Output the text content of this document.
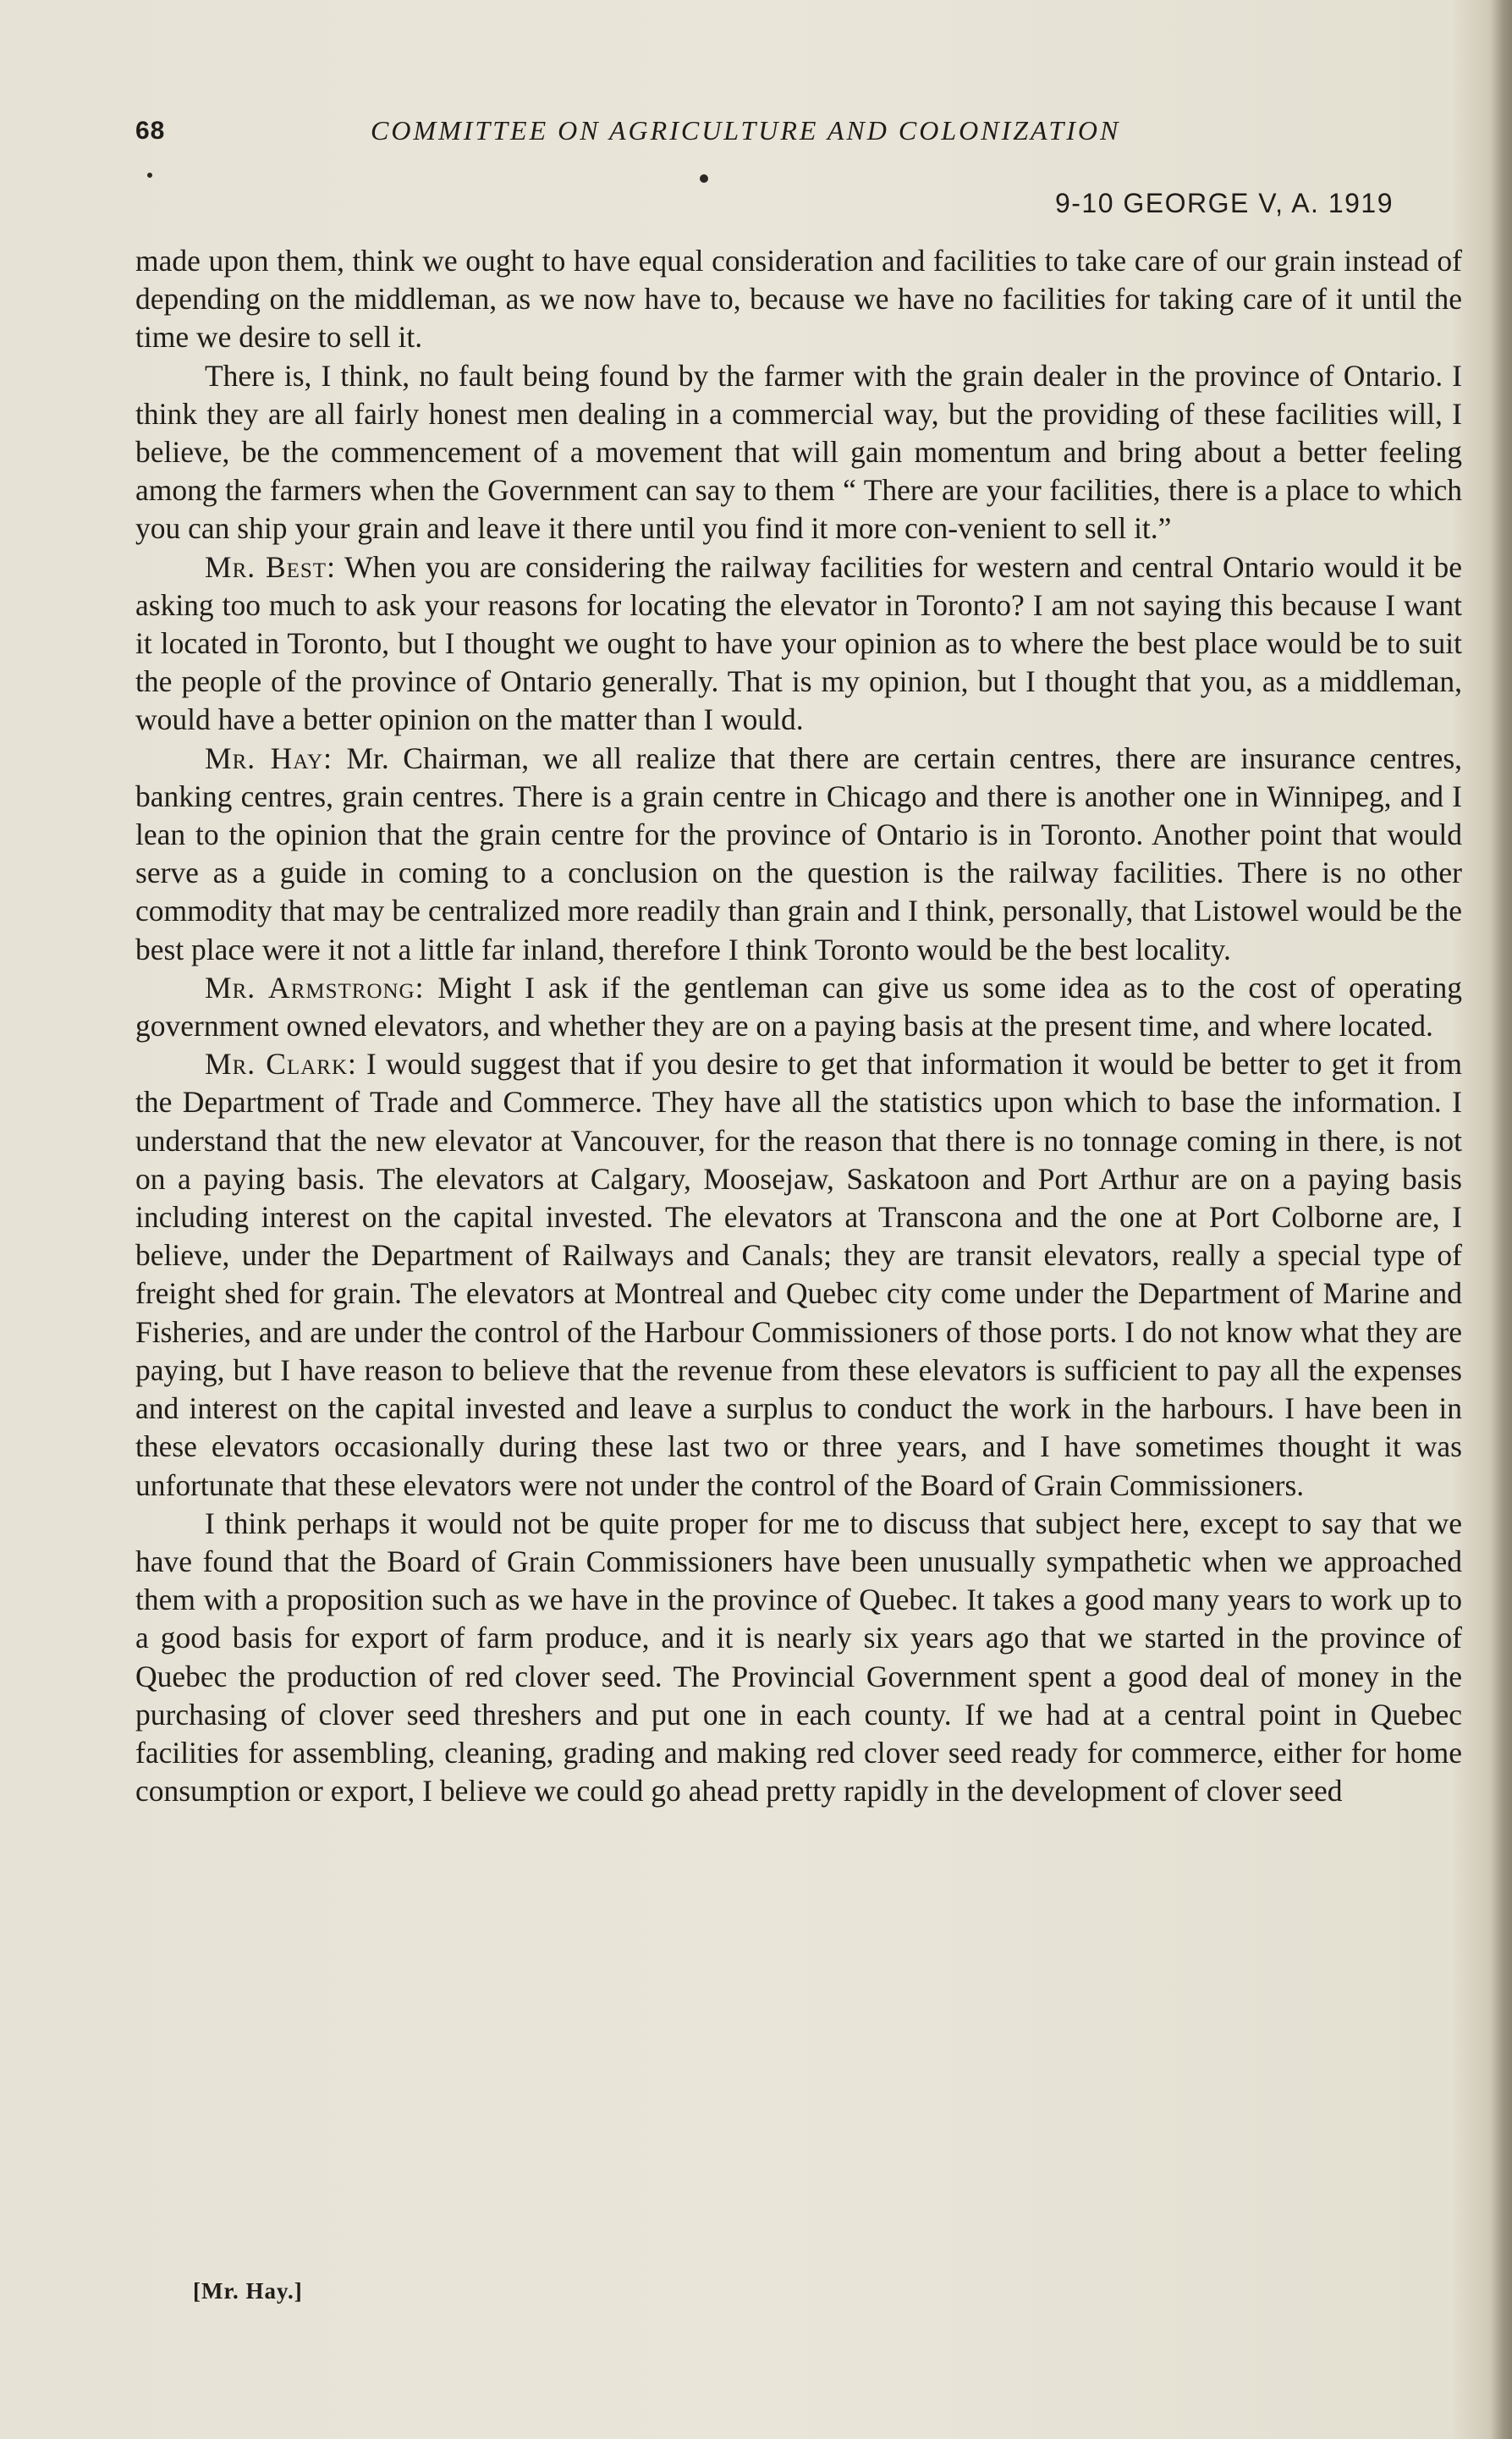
68	COMMITTEE ON AGRICULTURE AND COLONIZATION
9-10 GEORGE V, A. 1919

made upon them, think we ought to have equal consideration and facilities to take care of our grain instead of depending on the middleman, as we now have to, because we have no facilities for taking care of it until the time we desire to sell it.

There is, I think, no fault being found by the farmer with the grain dealer in the province of Ontario. I think they are all fairly honest men dealing in a commercial way, but the providing of these facilities will, I believe, be the commencement of a movement that will gain momentum and bring about a better feeling among the farmers when the Government can say to them “ There are your facilities, there is a place to which you can ship your grain and leave it there until you find it more con-venient to sell it.”

Mr. Best: When you are considering the railway facilities for western and central Ontario would it be asking too much to ask your reasons for locating the elevator in Toronto? I am not saying this because I want it located in Toronto, but I thought we ought to have your opinion as to where the best place would be to suit the people of the province of Ontario generally. That is my opinion, but I thought that you, as a middleman, would have a better opinion on the matter than I would.

Mr. Hay: Mr. Chairman, we all realize that there are certain centres, there are insurance centres, banking centres, grain centres. There is a grain centre in Chicago and there is another one in Winnipeg, and I lean to the opinion that the grain centre for the province of Ontario is in Toronto. Another point that would serve as a guide in coming to a conclusion on the question is the railway facilities. There is no other commodity that may be centralized more readily than grain and I think, personally, that Listowel would be the best place were it not a little far inland, therefore I think Toronto would be the best locality.

Mr. Armstrong: Might I ask if the gentleman can give us some idea as to the cost of operating government owned elevators, and whether they are on a paying basis at the present time, and where located.

Mr. Clark: I would suggest that if you desire to get that information it would be better to get it from the Department of Trade and Commerce. They have all the statistics upon which to base the information. I understand that the new elevator at Vancouver, for the reason that there is no tonnage coming in there, is not on a paying basis. The elevators at Calgary, Moosejaw, Saskatoon and Port Arthur are on a paying basis including interest on the capital invested. The elevators at Transcona and the one at Port Colborne are, I believe, under the Department of Railways and Canals; they are transit elevators, really a special type of freight shed for grain. The elevators at Montreal and Quebec city come under the Department of Marine and Fisheries, and are under the control of the Harbour Commissioners of those ports. I do not know what they are paying, but I have reason to believe that the revenue from these elevators is sufficient to pay all the expenses and interest on the capital invested and leave a surplus to conduct the work in the harbours. I have been in these elevators occasionally during these last two or three years, and I have sometimes thought it was unfortunate that these elevators were not under the control of the Board of Grain Commissioners.

I think perhaps it would not be quite proper for me to discuss that subject here, except to say that we have found that the Board of Grain Commissioners have been unusually sympathetic when we approached them with a proposition such as we have in the province of Quebec. It takes a good many years to work up to a good basis for export of farm produce, and it is nearly six years ago that we started in the province of Quebec the production of red clover seed. The Provincial Government spent a good deal of money in the purchasing of clover seed threshers and put one in each county. If we had at a central point in Quebec facilities for assembling, cleaning, grading and making red clover seed ready for commerce, either for home consumption or export, I believe we could go ahead pretty rapidly in the development of clover seed

[Mr. Hay.]
